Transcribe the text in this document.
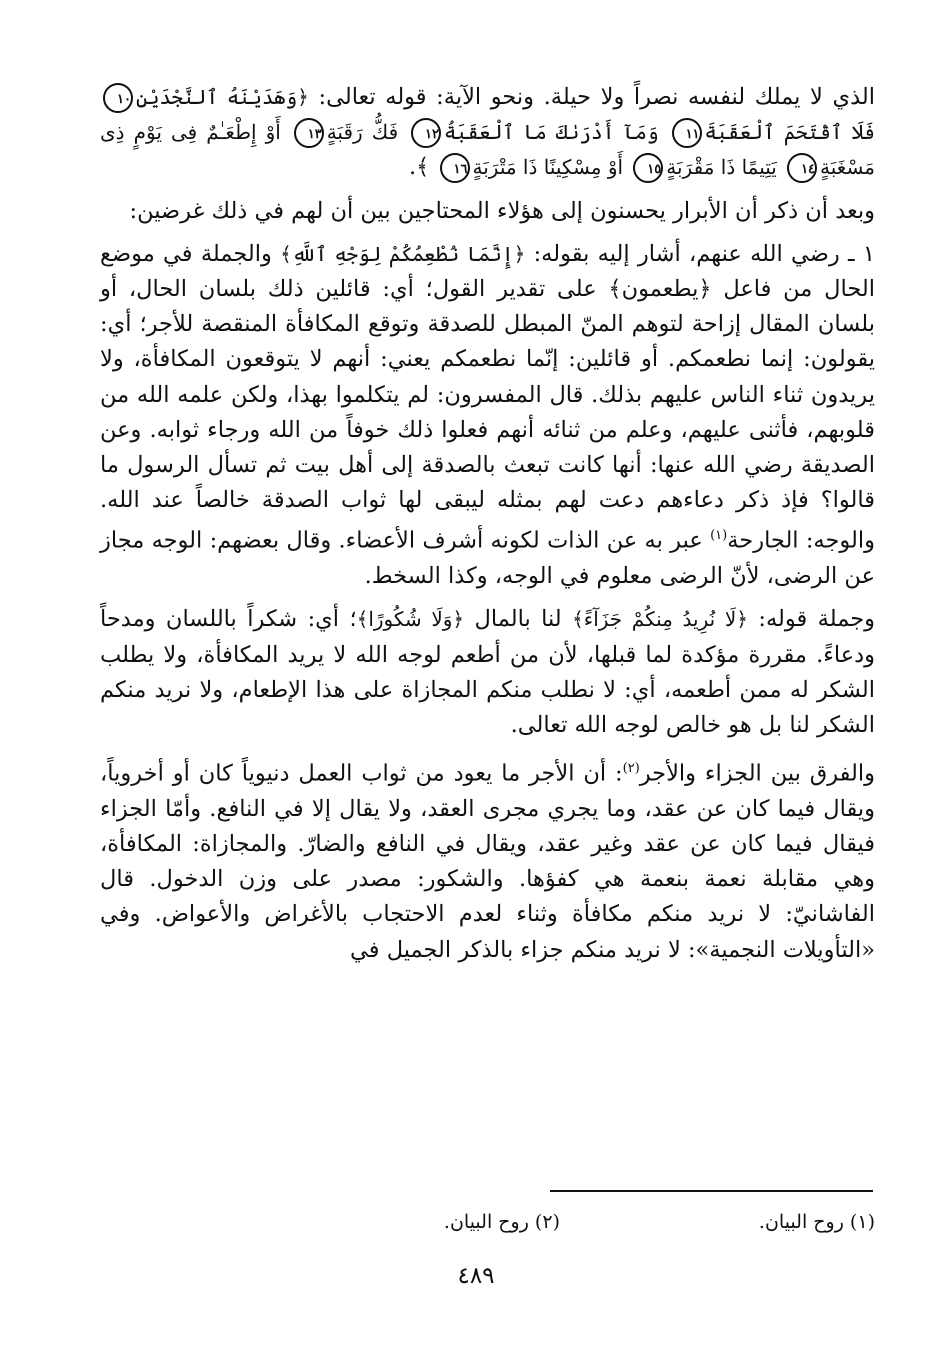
الذي لا يملك لنفسه نصراً ولا حيلة. ونحو الآية: قوله تعالى: ﴿وَهَدَيْنَهُ ٱلنَّجْدَيْنِ١٠ فَلَا ٱقْتَحَمَ ٱلْعَقَبَةَ١١ وَمَآ أَدْرَىٰكَ مَا ٱلْعَقَبَةُ١٢ فَكُّ رَقَبَةٍ١٣ أَوْ إِطْعَـٰمٌ فِى يَوْمٍ ذِى مَسْغَبَةٍ١٤ يَتِيمًا ذَا مَقْرَبَةٍ١٥ أَوْ مِسْكِينًا ذَا مَتْرَبَةٍ١٦ ﴾.

وبعد أن ذكر أن الأبرار يحسنون إلى هؤلاء المحتاجين بين أن لهم في ذلك غرضين:

١ ـ رضي الله عنهم، أشار إليه بقوله: ﴿إِنَّمَا نُطْعِمُكُمْ لِوَجْهِ ٱللَّهِ﴾ والجملة في موضع الحال من فاعل ﴿يطعمون﴾ على تقدير القول؛ أي: قائلين ذلك بلسان الحال، أو بلسان المقال إزاحة لتوهم المنّ المبطل للصدقة وتوقع المكافأة المنقصة للأجر؛ أي: يقولون: إنما نطعمكم. أو قائلين: إنّما نطعمكم يعني: أنهم لا يتوقعون المكافأة، ولا يريدون ثناء الناس عليهم بذلك. قال المفسرون: لم يتكلموا بهذا، ولكن علمه الله من قلوبهم، فأثنى عليهم، وعلم من ثنائه أنهم فعلوا ذلك خوفاً من الله ورجاء ثوابه. وعن الصديقة رضي الله عنها: أنها كانت تبعث بالصدقة إلى أهل بيت ثم تسأل الرسول ما قالوا؟ فإذ ذكر دعاءهم دعت لهم بمثله ليبقى لها ثواب الصدقة خالصاً عند الله. والوجه: الجارحة$^{(١)}$ عبر به عن الذات لكونه أشرف الأعضاء. وقال بعضهم: الوجه مجاز عن الرضى، لأنّ الرضى معلوم في الوجه، وكذا السخط.

وجملة قوله: ﴿لَا نُرِيدُ مِنكُمْ جَزَآءً﴾ لنا بالمال ﴿وَلَا شُكُورًا﴾؛ أي: شكراً باللسان ومدحاً ودعاءً. مقررة مؤكدة لما قبلها، لأن من أطعم لوجه الله لا يريد المكافأة، ولا يطلب الشكر له ممن أطعمه، أي: لا نطلب منكم المجازاة على هذا الإطعام، ولا نريد منكم الشكر لنا بل هو خالص لوجه الله تعالى.

والفرق بين الجزاء والأجر$^{(٢)}$: أن الأجر ما يعود من ثواب العمل دنيوياً كان أو أخروياً، ويقال فيما كان عن عقد، وما يجري مجرى العقد، ولا يقال إلا في النافع. وأمّا الجزاء فيقال فيما كان عن عقد وغير عقد، ويقال في النافع والضارّ. والمجازاة: المكافأة، وهي مقابلة نعمة بنعمة هي كفؤها. والشكور: مصدر على وزن الدخول. قال الفاشانيّ: لا نريد منكم مكافأة وثناء لعدم الاحتجاب بالأغراض والأعواض. وفي «التأويلات النجمية»: لا نريد منكم جزاء بالذكر الجميل في

(١) روح البيان.
(٢) روح البيان.
٤٨٩
